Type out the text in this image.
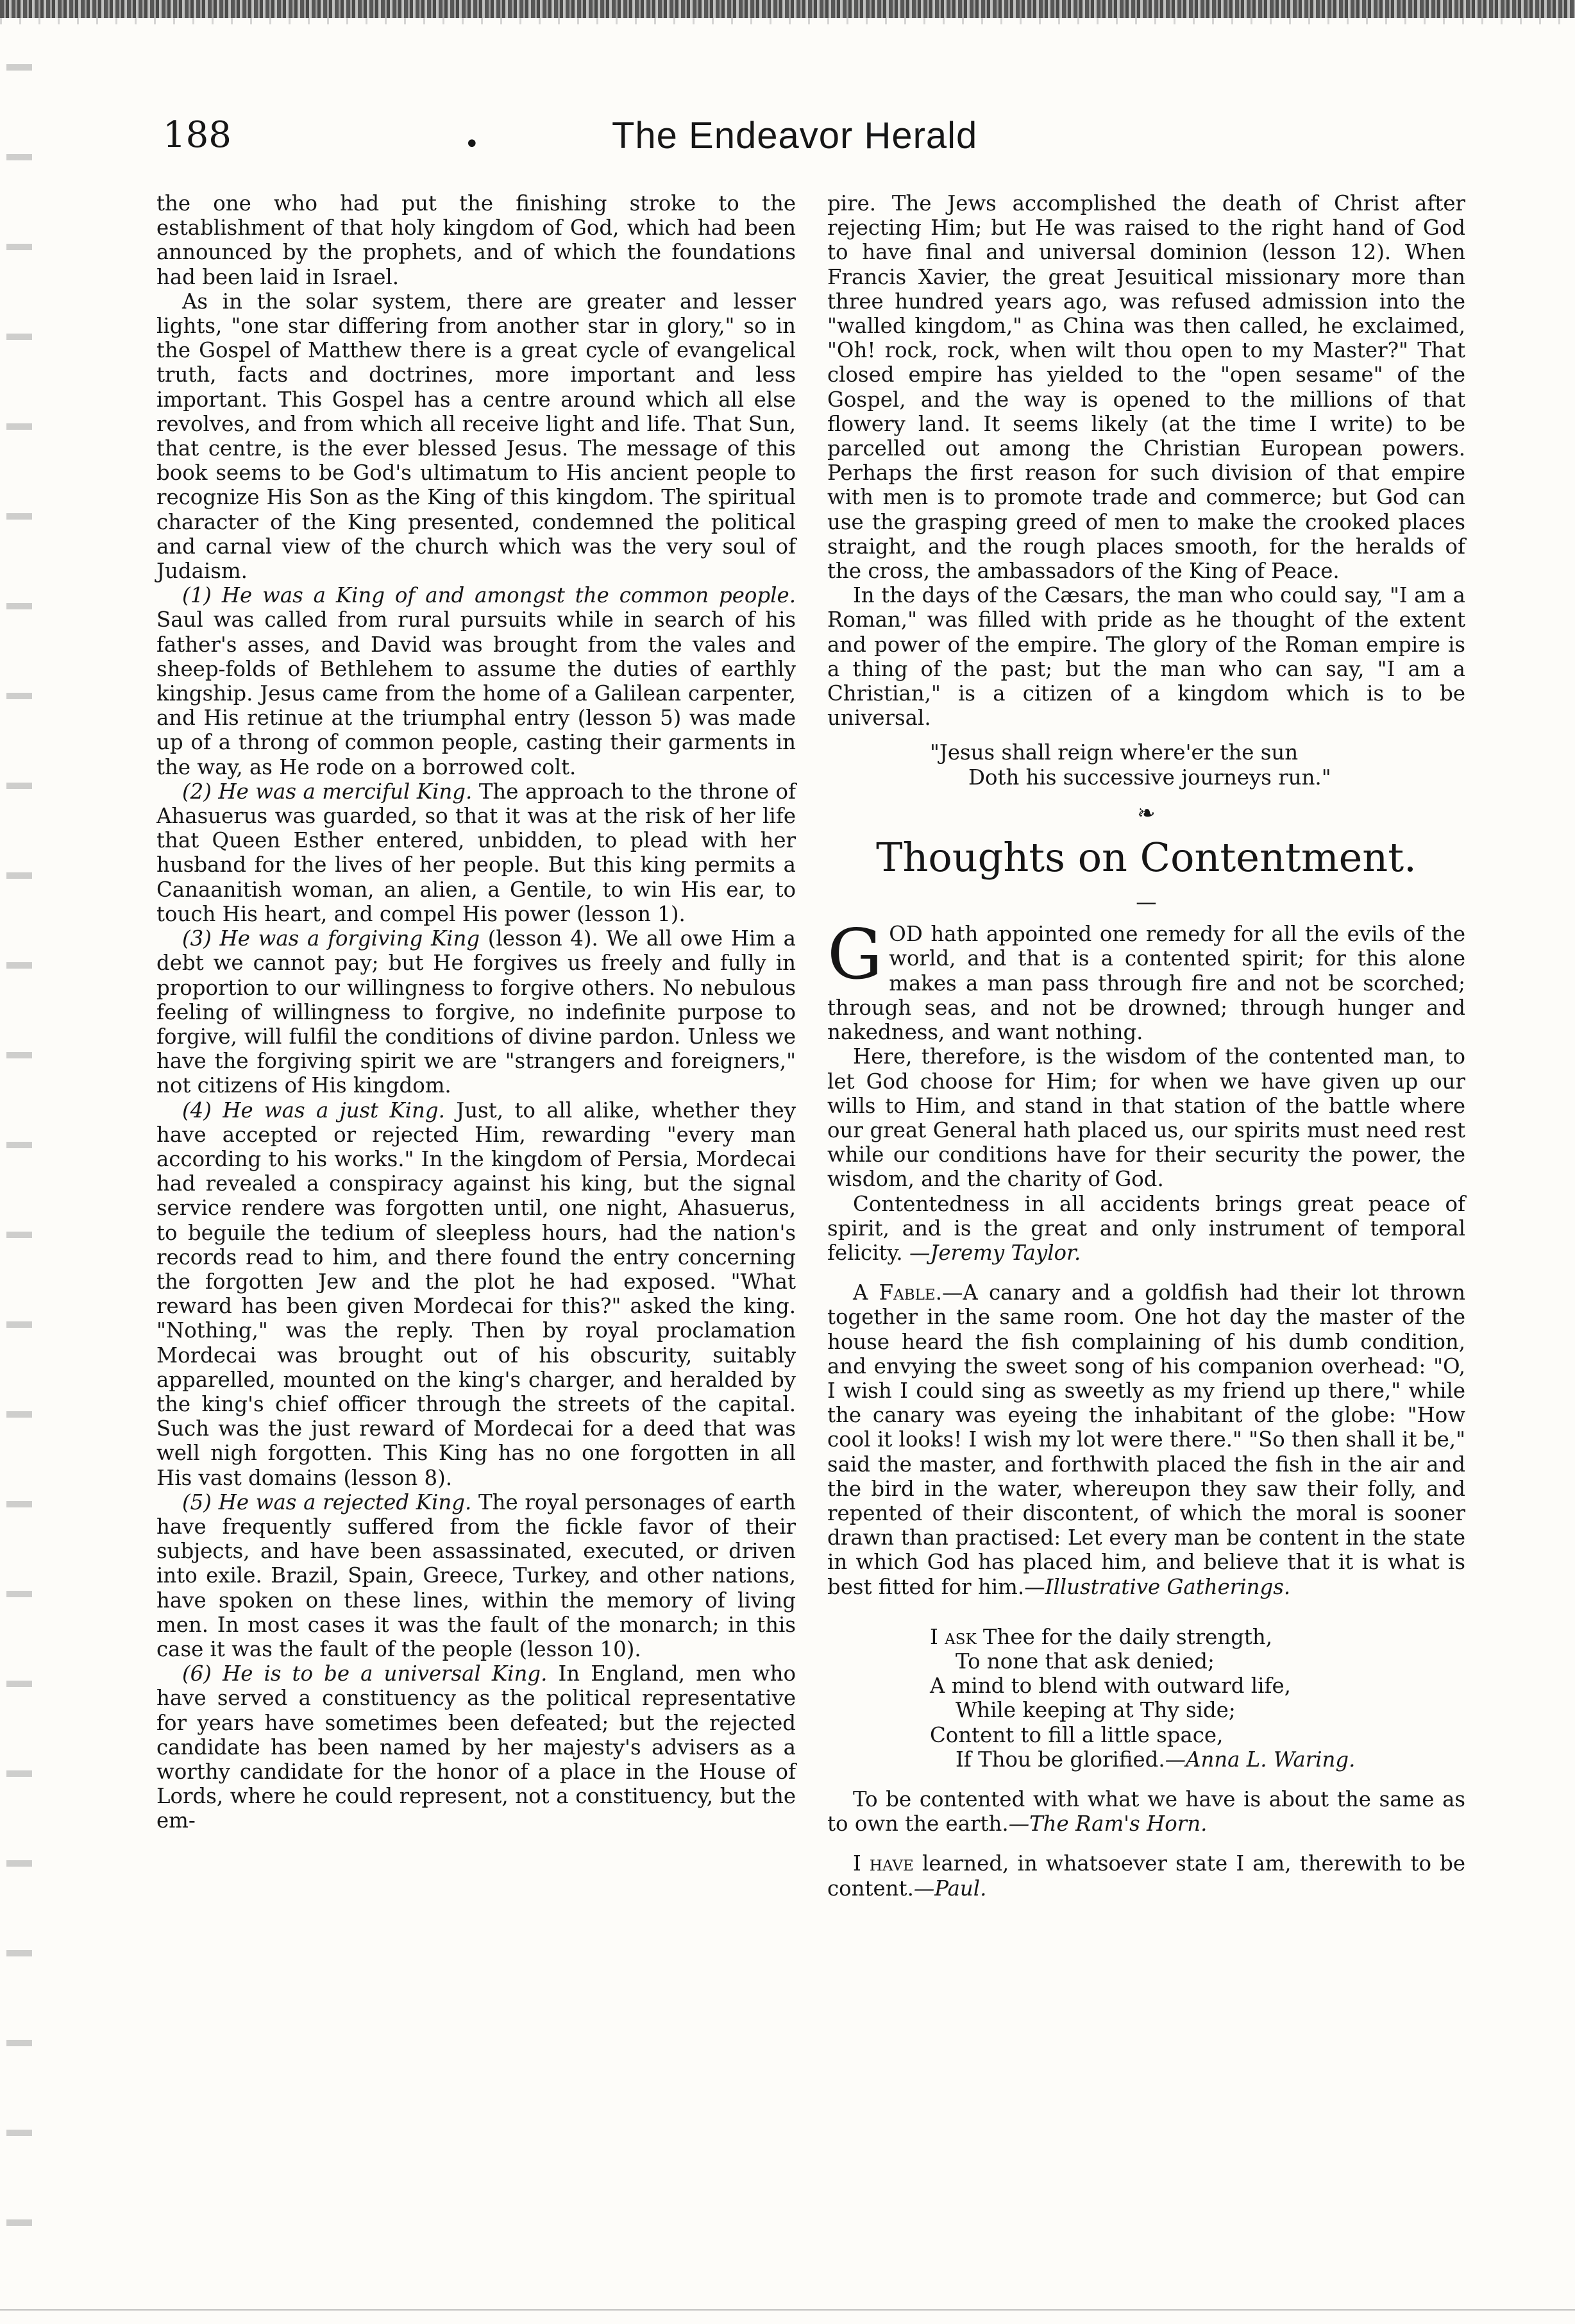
188	•	The Endeavor Herald

the one who had put the finishing stroke to the establishment of that holy kingdom of God, which had been announced by the prophets, and of which the foundations had been laid in Israel.

As in the solar system, there are greater and lesser lights, "one star differing from another star in glory," so in the Gospel of Matthew there is a great cycle of evangelical truth, facts and doctrines, more important and less important. This Gospel has a centre around which all else revolves, and from which all receive light and life. That Sun, that centre, is the ever blessed Jesus. The message of this book seems to be God's ultimatum to His ancient people to recognize His Son as the King of this kingdom. The spiritual character of the King presented, condemned the political and carnal view of the church which was the very soul of Judaism.

(1) He was a King of and amongst the common people. Saul was called from rural pursuits while in search of his father's asses, and David was brought from the vales and sheep-folds of Bethlehem to assume the duties of earthly kingship. Jesus came from the home of a Galilean carpenter, and His retinue at the triumphal entry (lesson 5) was made up of a throng of common people, casting their garments in the way, as He rode on a borrowed colt.

(2) He was a merciful King. The approach to the throne of Ahasuerus was guarded, so that it was at the risk of her life that Queen Esther entered, unbidden, to plead with her husband for the lives of her people. But this king permits a Canaanitish woman, an alien, a Gentile, to win His ear, to touch His heart, and compel His power (lesson 1).

(3) He was a forgiving King (lesson 4). We all owe Him a debt we cannot pay; but He forgives us freely and fully in proportion to our willingness to forgive others. No nebulous feeling of willingness to forgive, no indefinite purpose to forgive, will fulfil the conditions of divine pardon. Unless we have the forgiving spirit we are "strangers and foreigners," not citizens of His kingdom.

(4) He was a just King. Just, to all alike, whether they have accepted or rejected Him, rewarding "every man according to his works." In the kingdom of Persia, Mordecai had revealed a conspiracy against his king, but the signal service rendere was forgotten until, one night, Ahasuerus, to beguile the tedium of sleepless hours, had the nation's records read to him, and there found the entry concerning the forgotten Jew and the plot he had exposed. "What reward has been given Mordecai for this?" asked the king. "Nothing," was the reply. Then by royal proclamation Mordecai was brought out of his obscurity, suitably apparelled, mounted on the king's charger, and heralded by the king's chief officer through the streets of the capital. Such was the just reward of Mordecai for a deed that was well nigh forgotten. This King has no one forgotten in all His vast domains (lesson 8).

(5) He was a rejected King. The royal personages of earth have frequently suffered from the fickle favor of their subjects, and have been assassinated, executed, or driven into exile. Brazil, Spain, Greece, Turkey, and other nations, have spoken on these lines, within the memory of living men. In most cases it was the fault of the monarch; in this case it was the fault of the people (lesson 10).

(6) He is to be a universal King. In England, men who have served a constituency as the political representative for years have sometimes been defeated; but the rejected candidate has been named by her majesty's advisers as a worthy candidate for the honor of a place in the House of Lords, where he could represent, not a constituency, but the em-

pire. The Jews accomplished the death of Christ after rejecting Him; but He was raised to the right hand of God to have final and universal dominion (lesson 12). When Francis Xavier, the great Jesuitical missionary more than three hundred years ago, was refused admission into the "walled kingdom," as China was then called, he exclaimed, "Oh! rock, rock, when wilt thou open to my Master?" That closed empire has yielded to the "open sesame" of the Gospel, and the way is opened to the millions of that flowery land. It seems likely (at the time I write) to be parcelled out among the Christian European powers. Perhaps the first reason for such division of that empire with men is to promote trade and commerce; but God can use the grasping greed of men to make the crooked places straight, and the rough places smooth, for the heralds of the cross, the ambassadors of the King of Peace.

In the days of the Cæsars, the man who could say, "I am a Roman," was filled with pride as he thought of the extent and power of the empire. The glory of the Roman empire is a thing of the past; but the man who can say, "I am a Christian," is a citizen of a kingdom which is to be universal.

"Jesus shall reign where'er the sun
Doth his successive journeys run."
❧
Thoughts on Contentment.
—

GOD hath appointed one remedy for all the evils of the world, and that is a contented spirit; for this alone makes a man pass through fire and not be scorched; through seas, and not be drowned; through hunger and nakedness, and want nothing.

Here, therefore, is the wisdom of the contented man, to let God choose for Him; for when we have given up our wills to Him, and stand in that station of the battle where our great General hath placed us, our spirits must need rest while our conditions have for their security the power, the wisdom, and the charity of God.

Contentedness in all accidents brings great peace of spirit, and is the great and only instrument of temporal felicity. —Jeremy Taylor.

A Fable.—A canary and a goldfish had their lot thrown together in the same room. One hot day the master of the house heard the fish complaining of his dumb condition, and envying the sweet song of his companion overhead: "O, I wish I could sing as sweetly as my friend up there," while the canary was eyeing the inhabitant of the globe: "How cool it looks! I wish my lot were there." "So then shall it be," said the master, and forthwith placed the fish in the air and the bird in the water, whereupon they saw their folly, and repented of their discontent, of which the moral is sooner drawn than practised: Let every man be content in the state in which God has placed him, and believe that it is what is best fitted for him.—Illustrative Gatherings.

I ask Thee for the daily strength,
To none that ask denied;
A mind to blend with outward life,
While keeping at Thy side;
Content to fill a little space,
If Thou be glorified.—Anna L. Waring.

To be contented with what we have is about the same as to own the earth.—The Ram's Horn.

I have learned, in whatsoever state I am, therewith to be content.—Paul.
